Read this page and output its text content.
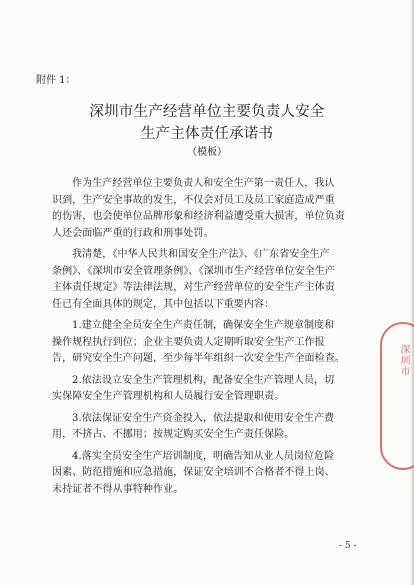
附件 1：
深圳市生产经营单位主要负责人安全
生产主体责任承诺书
（模板）
作为生产经营单位主要负责人和安全生产第一责任人，我认
识到，生产安全事故的发生，不仅会对员工及员工家庭造成严重
的伤害，也会使单位品牌形象和经济利益遭受重大损害，单位负责
人还会面临严重的行政和刑事处罚。
我清楚，《中华人民共和国安全生产法》、《广东省安全生产
条例》、《深圳市安全管理条例》、《深圳市生产经营单位安全生产
主体责任规定》等法律法规，对生产经营单位的安全生产主体责
任已有全面具体的规定，其中包括以下重要内容：
1.建立健全全员安全生产责任制，确保安全生产规章制度和
操作规程执行到位；企业主要负责人定期听取安全生产工作报
告，研究安全生产问题，至少每半年组织一次安全生产全面检查。
2.依法设立安全生产管理机构，配备安全生产管理人员，切
实保障安全生产管理机构和人员履行安全管理职责。
3.依法保证安全生产资金投入，依法提取和使用安全生产费
用，不挤占、不挪用；按规定购买安全生产责任保险。
4.落实全员安全生产培训制度，明确告知从业人员岗位危险
因素、防范措施和应急措施，保证安全培训不合格者不得上岗、
未持证者不得从事特种作业。
深圳市
- 5 -
